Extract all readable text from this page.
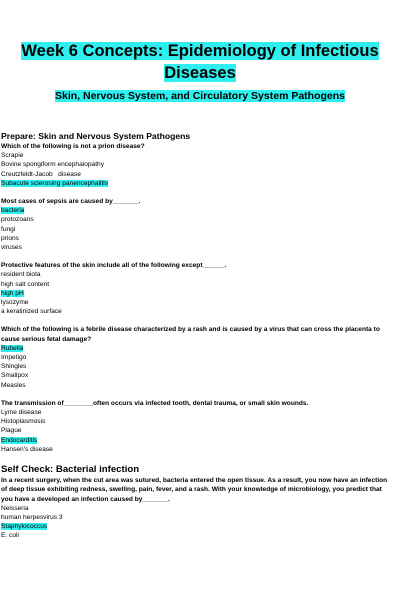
Week 6 Concepts: Epidemiology of Infectious Diseases
Skin, Nervous System, and Circulatory System Pathogens
Prepare: Skin and Nervous System Pathogens
Which of the following is not a prion disease?
Scrapie
Bovine spongiform encephalopathy
Creutzfeldt-Jacob   disease
Subacute sclerosing panencephalitis
Most cases of sepsis are caused by_______.
bacteria
protozoans
fungi
prions
viruses
Protective features of the skin include all of the following except______.
resident biota
high salt content
high pH
lysozyme
a keratinized surface
Which of the following is a febrile disease characterized by a rash and is caused by a virus that can cross the placenta to cause serious fetal damage?
Rubella
Impetigo
Shingles
Smallpox
Measles
The transmission of________often occurs via infected tooth, dental trauma, or small skin wounds.
Lyme disease
Histoplasmosis
Plague
Endocarditis
Hansen's disease
Self Check: Bacterial infection
In a recent surgery, when the cut area was sutured, bacteria entered the open tissue. As a result, you now have an infection of deep tissue exhibiting redness, swelling, pain, fever, and a rash. With your knowledge of microbiology, you predict that you have a developed an infection caused by_______.
Neisseria
human herpesvirus 3
Staphylococcus
E. coli
